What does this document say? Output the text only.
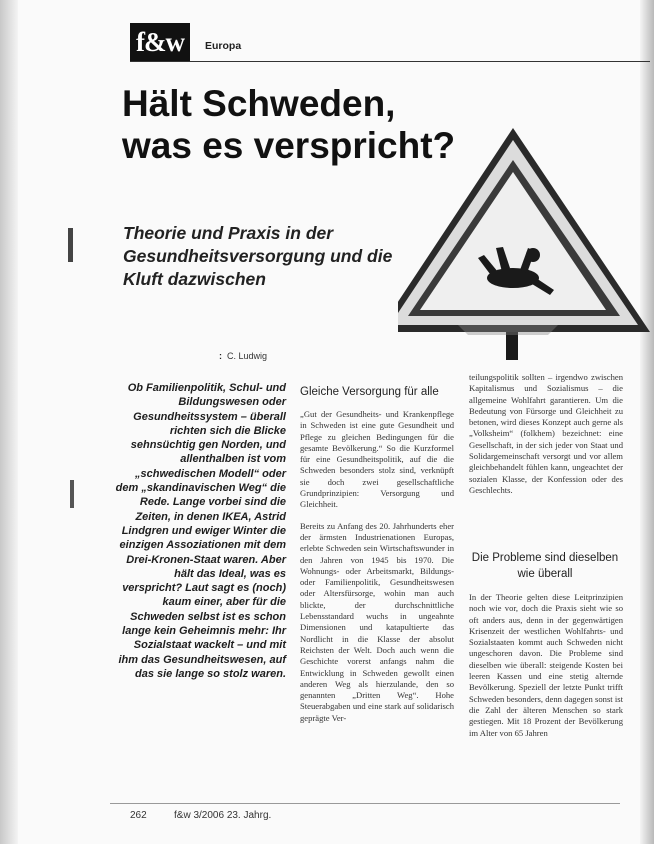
f&w	Europa
Hält Schweden,
was es verspricht?
Theorie und Praxis in der Gesundheitsversorgung und die Kluft dazwischen
: C. Ludwig
Ob Familienpolitik, Schul- und Bildungswesen oder Gesundheitssystem – überall richten sich die Blicke sehnsüchtig gen Norden, und allenthalben ist vom „schwedischen Modell“ oder dem „skandinavischen Weg“ die Rede. Lange vorbei sind die Zeiten, in denen IKEA, Astrid Lindgren und ewiger Winter die einzigen Assoziationen mit dem Drei-Kronen-Staat waren. Aber hält das Ideal, was es verspricht? Laut sagt es (noch) kaum einer, aber für die Schweden selbst ist es schon lange kein Geheimnis mehr: Ihr Sozialstaat wackelt – und mit ihm das Gesundheitswesen, auf das sie lange so stolz waren.
Gleiche Versorgung für alle

„Gut der Gesundheits- und Krankenpflege in Schweden ist eine gute Gesundheit und Pflege zu gleichen Bedingungen für die gesamte Bevölkerung.“ So die Kurzformel für eine Gesundheitspolitik, auf die die Schweden besonders stolz sind, verknüpft sie doch zwei gesellschaftliche Grundprinzipien: Versorgung und Gleichheit.

Bereits zu Anfang des 20. Jahrhunderts eher der ärmsten Industrienationen Europas, erlebte Schweden sein Wirtschaftswunder in den Jahren von 1945 bis 1970. Die Wohnungs- oder Arbeitsmarkt, Bildungs- oder Familienpolitik, Gesundheitswesen oder Altersfürsorge, wohin man auch blickte, der durchschnittliche Lebensstandard wuchs in ungeahnte Dimensionen und katapultierte das Nordlicht in die Klasse der absolut Reichsten der Welt. Doch auch wenn die Geschichte vorerst anfangs nahm die Entwicklung in Schweden gewollt einen anderen Weg als hierzulande, den so genannten „Dritten Weg“. Hohe Steuerabgaben und eine stark auf solidarisch geprägte Ver-

teilungspolitik sollten – irgendwo zwischen Kapitalismus und Sozialismus – die allgemeine Wohlfahrt garantieren. Um die Bedeutung von Fürsorge und Gleichheit zu betonen, wird dieses Konzept auch gerne als „Volksheim“ (folkhem) bezeichnet: eine Gesellschaft, in der sich jeder von Staat und Solidargemeinschaft versorgt und vor allem gleichbehandelt fühlen kann, ungeachtet der sozialen Klasse, der Konfession oder des Geschlechts.

Die Probleme sind dieselben wie überall

In der Theorie gelten diese Leitprinzipien noch wie vor, doch die Praxis sieht wie so oft anders aus, denn in der gegenwärtigen Krisenzeit der westlichen Wohlfahrts- und Sozialstaaten kommt auch Schweden nicht ungeschoren davon. Die Probleme sind dieselben wie überall: steigende Kosten bei leeren Kassen und eine stetig alternde Bevölkerung. Speziell der letzte Punkt trifft Schweden besonders, denn dagegen sonst ist die Zahl der älteren Menschen so stark gestiegen. Mit 18 Prozent der Bevölkerung im Alter von 65 Jahren

262	f&w 3/2006 23. Jahrg.
